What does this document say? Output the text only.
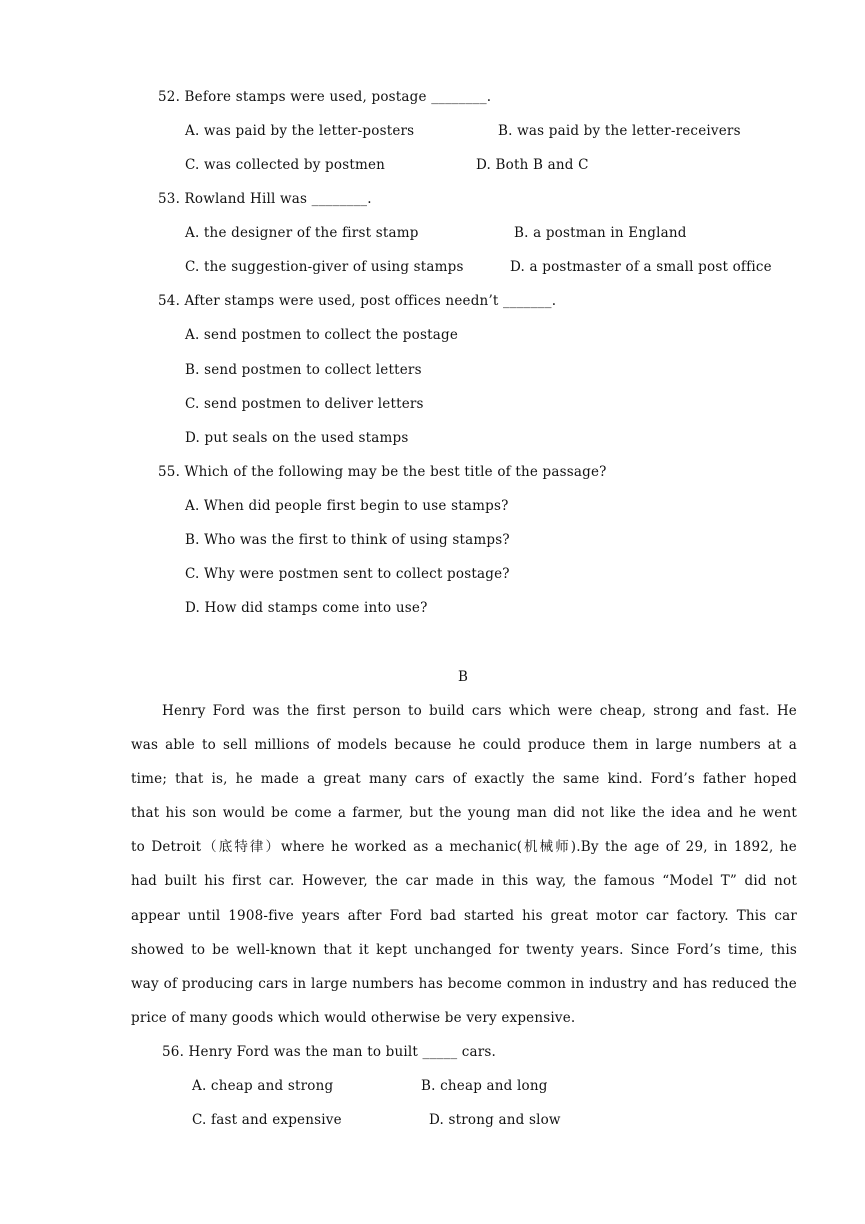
52. Before stamps were used, postage ________.
A. was paid by the letter-posters	B. was paid by the letter-receivers
C. was collected by postmen	D. Both B and C
53. Rowland Hill was ________.
A. the designer of the first stamp	B. a postman in England
C. the suggestion-giver of using stamps	D. a postmaster of a small post office
54. After stamps were used, post offices needn’t _______.
A. send postmen to collect the postage
B. send postmen to collect letters
C. send postmen to deliver letters
D. put seals on the used stamps
55. Which of the following may be the best title of the passage?
A. When did people first begin to use stamps?
B. Who was the first to think of using stamps?
C. Why were postmen sent to collect postage?
D. How did stamps come into use?
B
Henry Ford was the first person to build cars which were cheap, strong and fast. He
was able to sell millions of models because he could produce them in large numbers at a
time; that is, he made a great many cars of exactly the same kind. Ford’s father hoped
that his son would be come a farmer, but the young man did not like the idea and he went
to Detroit（底特律）where he worked as a mechanic(机械师).By the age of 29, in 1892, he
had built his first car. However, the car made in this way, the famous “Model T” did not
appear until 1908-five years after Ford bad started his great motor car factory. This car
showed to be well-known that it kept unchanged for twenty years. Since Ford’s time, this
way of producing cars in large numbers has become common in industry and has reduced the
price of many goods which would otherwise be very expensive.
56. Henry Ford was the man to built _____ cars.
A. cheap and strong	B. cheap and long
C. fast and expensive	D. strong and slow
